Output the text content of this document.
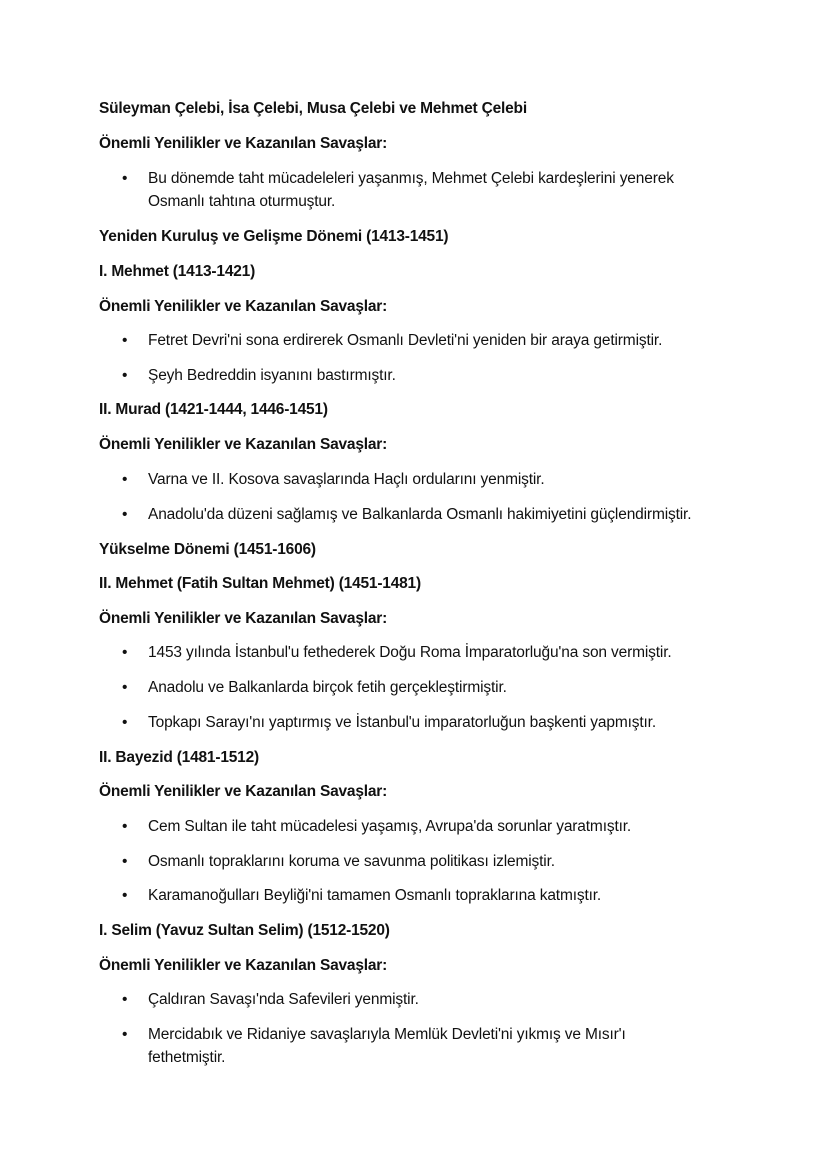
Süleyman Çelebi, İsa Çelebi, Musa Çelebi ve Mehmet Çelebi
Önemli Yenilikler ve Kazanılan Savaşlar:
•	Bu dönemde taht mücadeleleri yaşanmış, Mehmet Çelebi kardeşlerini yenerek
Osmanlı tahtına oturmuştur.
Yeniden Kuruluş ve Gelişme Dönemi (1413-1451)
I. Mehmet (1413-1421)
Önemli Yenilikler ve Kazanılan Savaşlar:
•	Fetret Devri'ni sona erdirerek Osmanlı Devleti'ni yeniden bir araya getirmiştir.
•	Şeyh Bedreddin isyanını bastırmıştır.
II. Murad (1421-1444, 1446-1451)
Önemli Yenilikler ve Kazanılan Savaşlar:
•	Varna ve II. Kosova savaşlarında Haçlı ordularını yenmiştir.
•	Anadolu'da düzeni sağlamış ve Balkanlarda Osmanlı hakimiyetini güçlendirmiştir.
Yükselme Dönemi (1451-1606)
II. Mehmet (Fatih Sultan Mehmet) (1451-1481)
Önemli Yenilikler ve Kazanılan Savaşlar:
•	1453 yılında İstanbul'u fethederek Doğu Roma İmparatorluğu'na son vermiştir.
•	Anadolu ve Balkanlarda birçok fetih gerçekleştirmiştir.
•	Topkapı Sarayı'nı yaptırmış ve İstanbul'u imparatorluğun başkenti yapmıştır.
II. Bayezid (1481-1512)
Önemli Yenilikler ve Kazanılan Savaşlar:
•	Cem Sultan ile taht mücadelesi yaşamış, Avrupa'da sorunlar yaratmıştır.
•	Osmanlı topraklarını koruma ve savunma politikası izlemiştir.
•	Karamanoğulları Beyliği'ni tamamen Osmanlı topraklarına katmıştır.
I. Selim (Yavuz Sultan Selim) (1512-1520)
Önemli Yenilikler ve Kazanılan Savaşlar:
•	Çaldıran Savaşı'nda Safevileri yenmiştir.
•	Mercidabık ve Ridaniye savaşlarıyla Memlük Devleti'ni yıkmış ve Mısır'ı
fethetmiştir.
